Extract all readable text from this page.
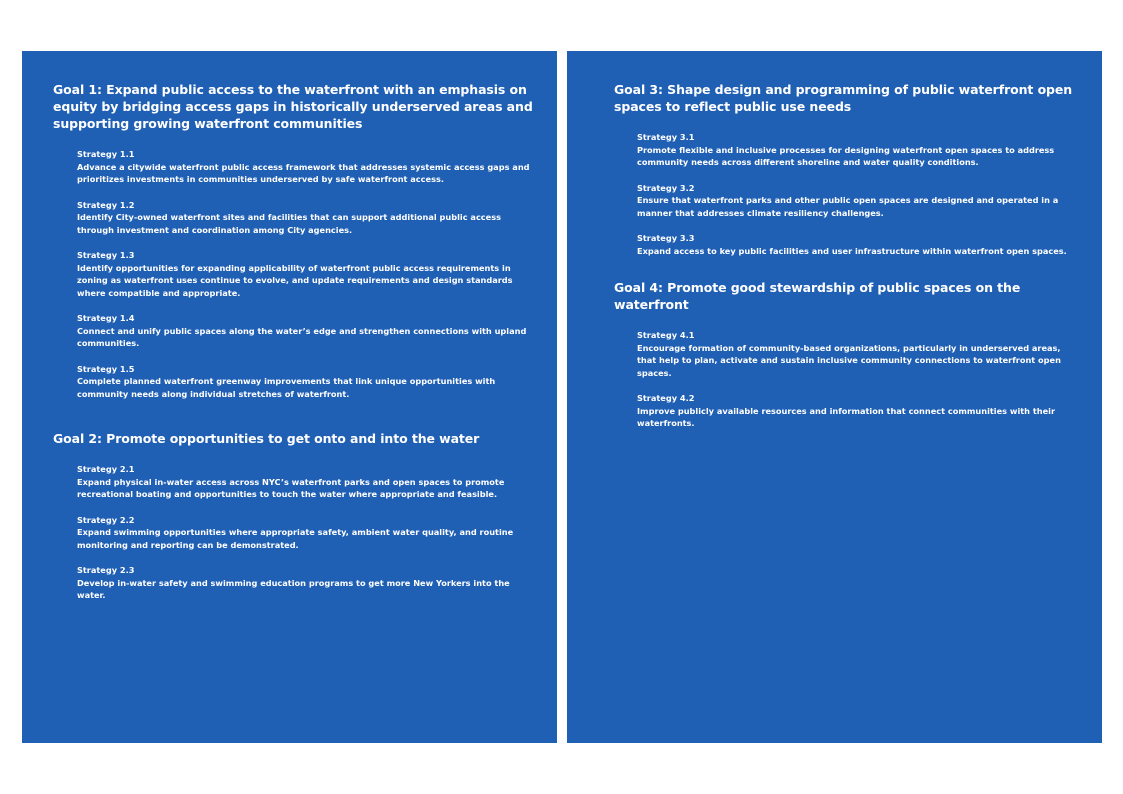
Goal 1: Expand public access to the waterfront with an emphasis on equity by bridging access gaps in historically underserved areas and supporting growing waterfront communities
Strategy 1.1
Advance a citywide waterfront public access framework that addresses systemic access gaps and prioritizes investments in communities underserved by safe waterfront access.
Strategy 1.2
Identify City-owned waterfront sites and facilities that can support additional public access through investment and coordination among City agencies.
Strategy 1.3
Identify opportunities for expanding applicability of waterfront public access requirements in zoning as waterfront uses continue to evolve, and update requirements and design standards where compatible and appropriate.
Strategy 1.4
Connect and unify public spaces along the water’s edge and strengthen connections with upland communities.
Strategy 1.5
Complete planned waterfront greenway improvements that link unique opportunities with community needs along individual stretches of waterfront.
Goal 2: Promote opportunities to get onto and into the water
Strategy 2.1
Expand physical in-water access across NYC’s waterfront parks and open spaces to promote recreational boating and opportunities to touch the water where appropriate and feasible.
Strategy 2.2
Expand swimming opportunities where appropriate safety, ambient water quality, and routine monitoring and reporting can be demonstrated.
Strategy 2.3
Develop in-water safety and swimming education programs to get more New Yorkers into the water.
Goal 3: Shape design and programming of public waterfront open spaces to reflect public use needs
Strategy 3.1
Promote flexible and inclusive processes for designing waterfront open spaces to address community needs across different shoreline and water quality conditions.
Strategy 3.2
Ensure that waterfront parks and other public open spaces are designed and operated in a manner that addresses climate resiliency challenges.
Strategy 3.3
Expand access to key public facilities and user infrastructure within waterfront open spaces.
Goal 4: Promote good stewardship of public spaces on the waterfront
Strategy 4.1
Encourage formation of community-based organizations, particularly in underserved areas, that help to plan, activate and sustain inclusive community connections to waterfront open spaces.
Strategy 4.2
Improve publicly available resources and information that connect communities with their waterfronts.
